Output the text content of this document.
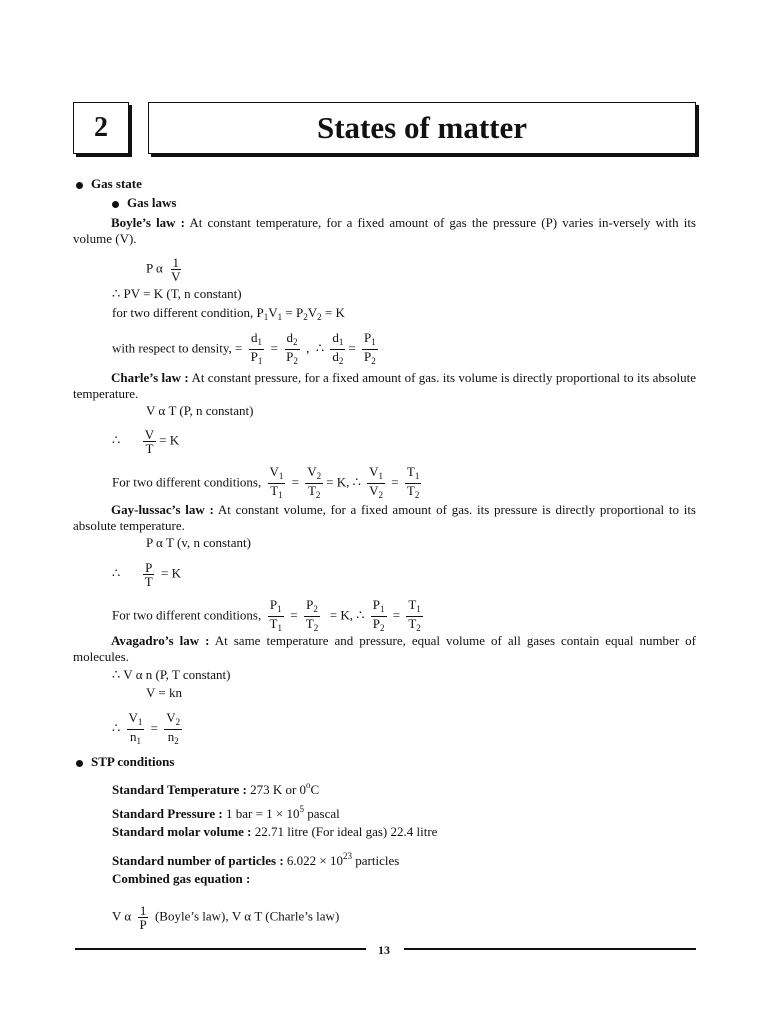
2	States of matter
Gas state
Gas laws
Boyle’s law : At constant temperature, for a fixed amount of gas the pressure (P) varies in-versely with its volume (V).
P α $\frac{1}{V}$
∴ PV = K (T, n constant)
for two different condition, $P_1V_1 = P_2V_2 = K$
with respect to density, = $\frac{d_1}{P_1} = \frac{d_2}{P_2}$ ,  ∴ $\frac{d_1}{d_2} = \frac{P_1}{P_2}$
Charle’s law : At constant pressure, for a fixed amount of gas. its volume is directly proportional to its absolute temperature.
V α T (P, n constant)
∴ $\frac{V}{T} = K$
For two different conditions, $\frac{V_1}{T_1} = \frac{V_2}{T_2} = K$, ∴ $\frac{V_1}{V_2} = \frac{T_1}{T_2}$
Gay-lussac’s law : At constant volume, for a fixed amount of gas. its pressure is directly proportional to its absolute temperature.
P α T (v, n constant)
∴ $\frac{P}{T} = K$
For two different conditions, $\frac{P_1}{T_1} = \frac{P_2}{T_2} = K$, ∴ $\frac{P_1}{P_2} = \frac{T_1}{T_2}$
Avagadro’s law : At same temperature and pressure, equal volume of all gases contain equal number of molecules.
∴ V α n (P, T constant)
V = kn
∴ $\frac{V_1}{n_1} = \frac{V_2}{n_2}$
STP conditions
Standard Temperature : 273 K or 0$^o$C
Standard Pressure : 1 bar = $1 \times 10^5$ pascal
Standard molar volume : 22.71 litre (For ideal gas) 22.4 litre
Standard number of particles : $6.022 \times 10^{23}$ particles
Combined gas equation :
V α $\frac{1}{P}$ (Boyle’s law), V α T (Charle’s law)
13
